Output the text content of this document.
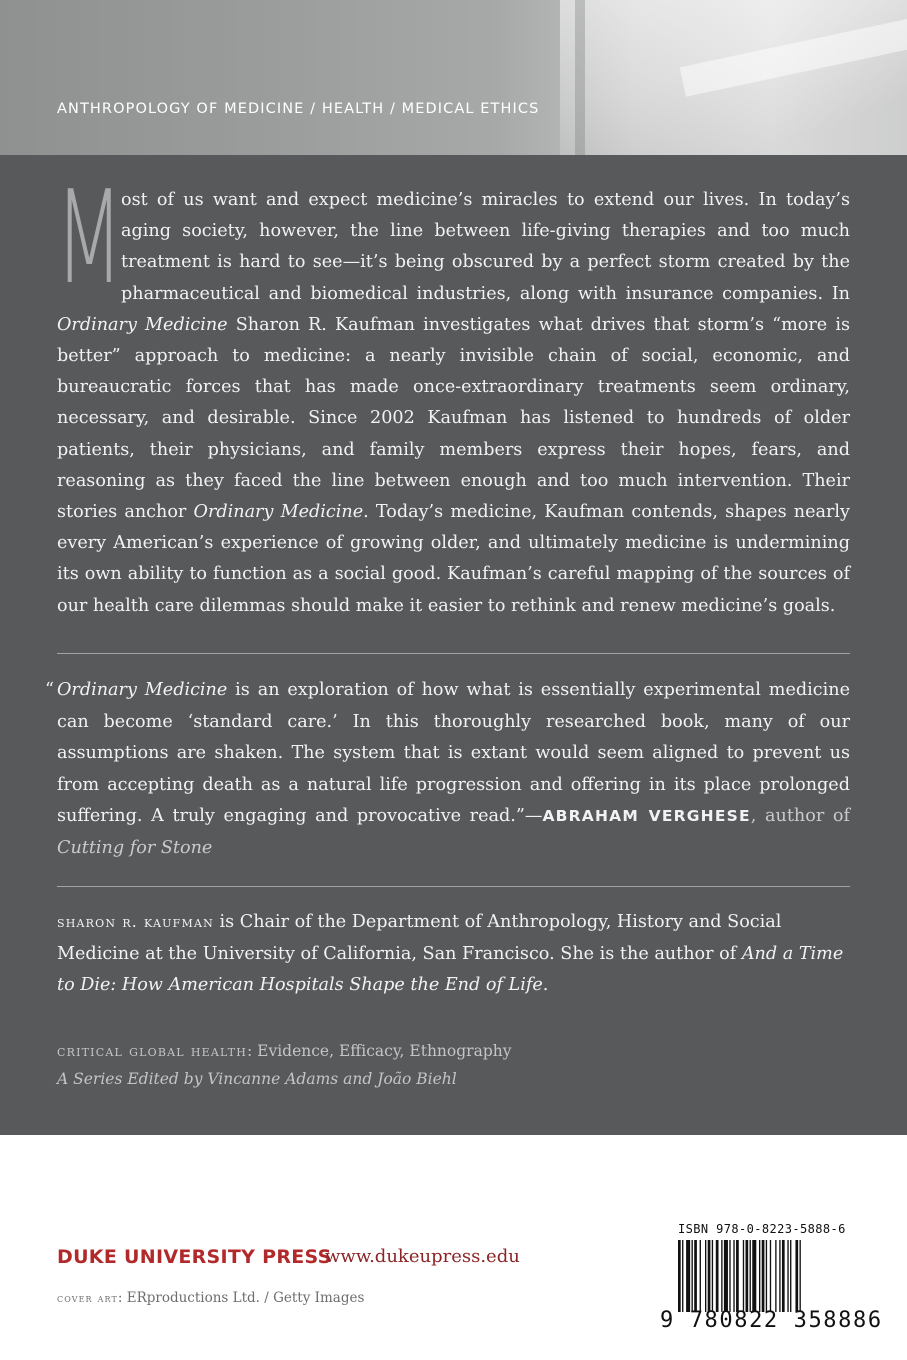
ANTHROPOLOGY OF MEDICINE / HEALTH / MEDICAL ETHICS
M
ost of us want and expect medicine’s miracles to extend our lives. In today’s aging society, however, the line between life-giving therapies and too much treatment is hard to see—it’s being obscured by a perfect storm created by the pharmaceutical and biomedical industries, along with insurance companies. In Ordinary Medicine Sharon R. Kaufman investigates what drives that storm’s “more is better” approach to medicine: a nearly invisible chain of social, economic, and bureaucratic forces that has made once-extraordinary treatments seem ordinary, necessary, and desirable. Since 2002 Kaufman has listened to hundreds of older patients, their physicians, and family members express their hopes, fears, and reasoning as they faced the line between enough and too much intervention. Their stories anchor Ordinary Medicine. Today’s medicine, Kaufman contends, shapes nearly every American’s experience of growing older, and ultimately medicine is undermining its own ability to function as a social good. Kaufman’s careful mapping of the sources of our health care dilemmas should make it easier to rethink and renew medicine’s goals.
“ Ordinary Medicine is an exploration of how what is essentially experimental medicine can become ‘standard care.’ In this thoroughly researched book, many of our assumptions are shaken. The system that is extant would seem aligned to prevent us from accepting death as a natural life progression and offering in its place prolonged suffering. A truly engaging and provocative read.”—ABRAHAM VERGHESE, author of Cutting for Stone
sharon r. kaufman is Chair of the Department of Anthropology, History and Social Medicine at the University of California, San Francisco. She is the author of And a Time to Die: How American Hospitals Shape the End of Life.
critical global health: Evidence, Efficacy, Ethnography
A Series Edited by Vincanne Adams and João Biehl
DUKE UNIVERSITY PRESS
www.dukeupress.edu
cover art: ERproductions Ltd. / Getty Images
ISBN 978-0-8223-5888-6
9 780822 358886
